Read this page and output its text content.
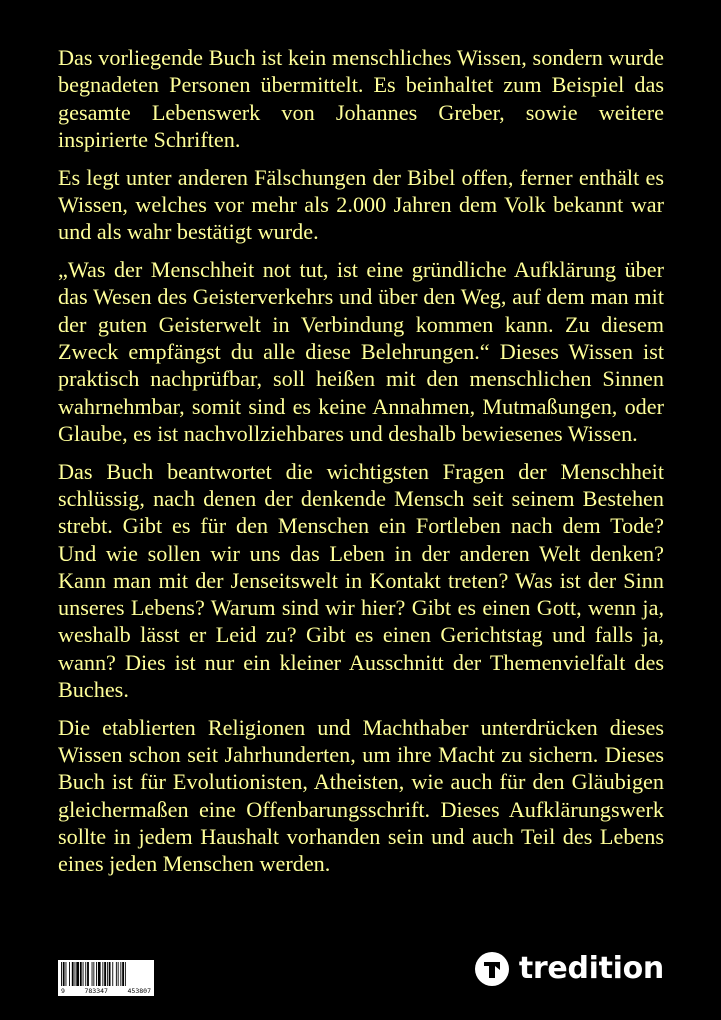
Das vorliegende Buch ist kein menschliches Wissen, sondern wurde begnadeten Personen übermittelt. Es beinhaltet zum Beispiel das gesamte Lebenswerk von Johannes Greber, sowie weitere inspirierte Schriften.

Es legt unter anderen Fälschungen der Bibel offen, ferner enthält es Wissen, welches vor mehr als 2.000 Jahren dem Volk bekannt war und als wahr bestätigt wurde.

„Was der Menschheit not tut, ist eine gründliche Aufklärung über das Wesen des Geisterverkehrs und über den Weg, auf dem man mit der guten Geisterwelt in Verbindung kommen kann. Zu diesem Zweck empfängst du alle diese Belehrungen.“ Dieses Wissen ist praktisch nachprüfbar, soll heißen mit den menschlichen Sinnen wahrnehmbar, somit sind es keine Annahmen, Mutmaßungen, oder Glaube, es ist nachvollziehbares und deshalb bewiesenes Wissen.

Das Buch beantwortet die wichtigsten Fragen der Menschheit schlüssig, nach denen der denkende Mensch seit seinem Bestehen strebt. Gibt es für den Menschen ein Fortleben nach dem Tode? Und wie sollen wir uns das Leben in der anderen Welt denken? Kann man mit der Jenseitswelt in Kontakt treten? Was ist der Sinn unseres Lebens? Warum sind wir hier? Gibt es einen Gott, wenn ja, weshalb lässt er Leid zu? Gibt es einen Gerichtstag und falls ja, wann? Dies ist nur ein kleiner Ausschnitt der Themenvielfalt des Buches.

Die etablierten Religionen und Machthaber unterdrücken dieses Wissen schon seit Jahrhunderten, um ihre Macht zu sichern. Dieses Buch ist für Evolutionisten, Atheisten, wie auch für den Gläubigen gleichermaßen eine Offenbarungsschrift. Dieses Aufklärungswerk sollte in jedem Haushalt vorhanden sein und auch Teil des Lebens eines jeden Menschen werden.

9	783347	453807
tredition
